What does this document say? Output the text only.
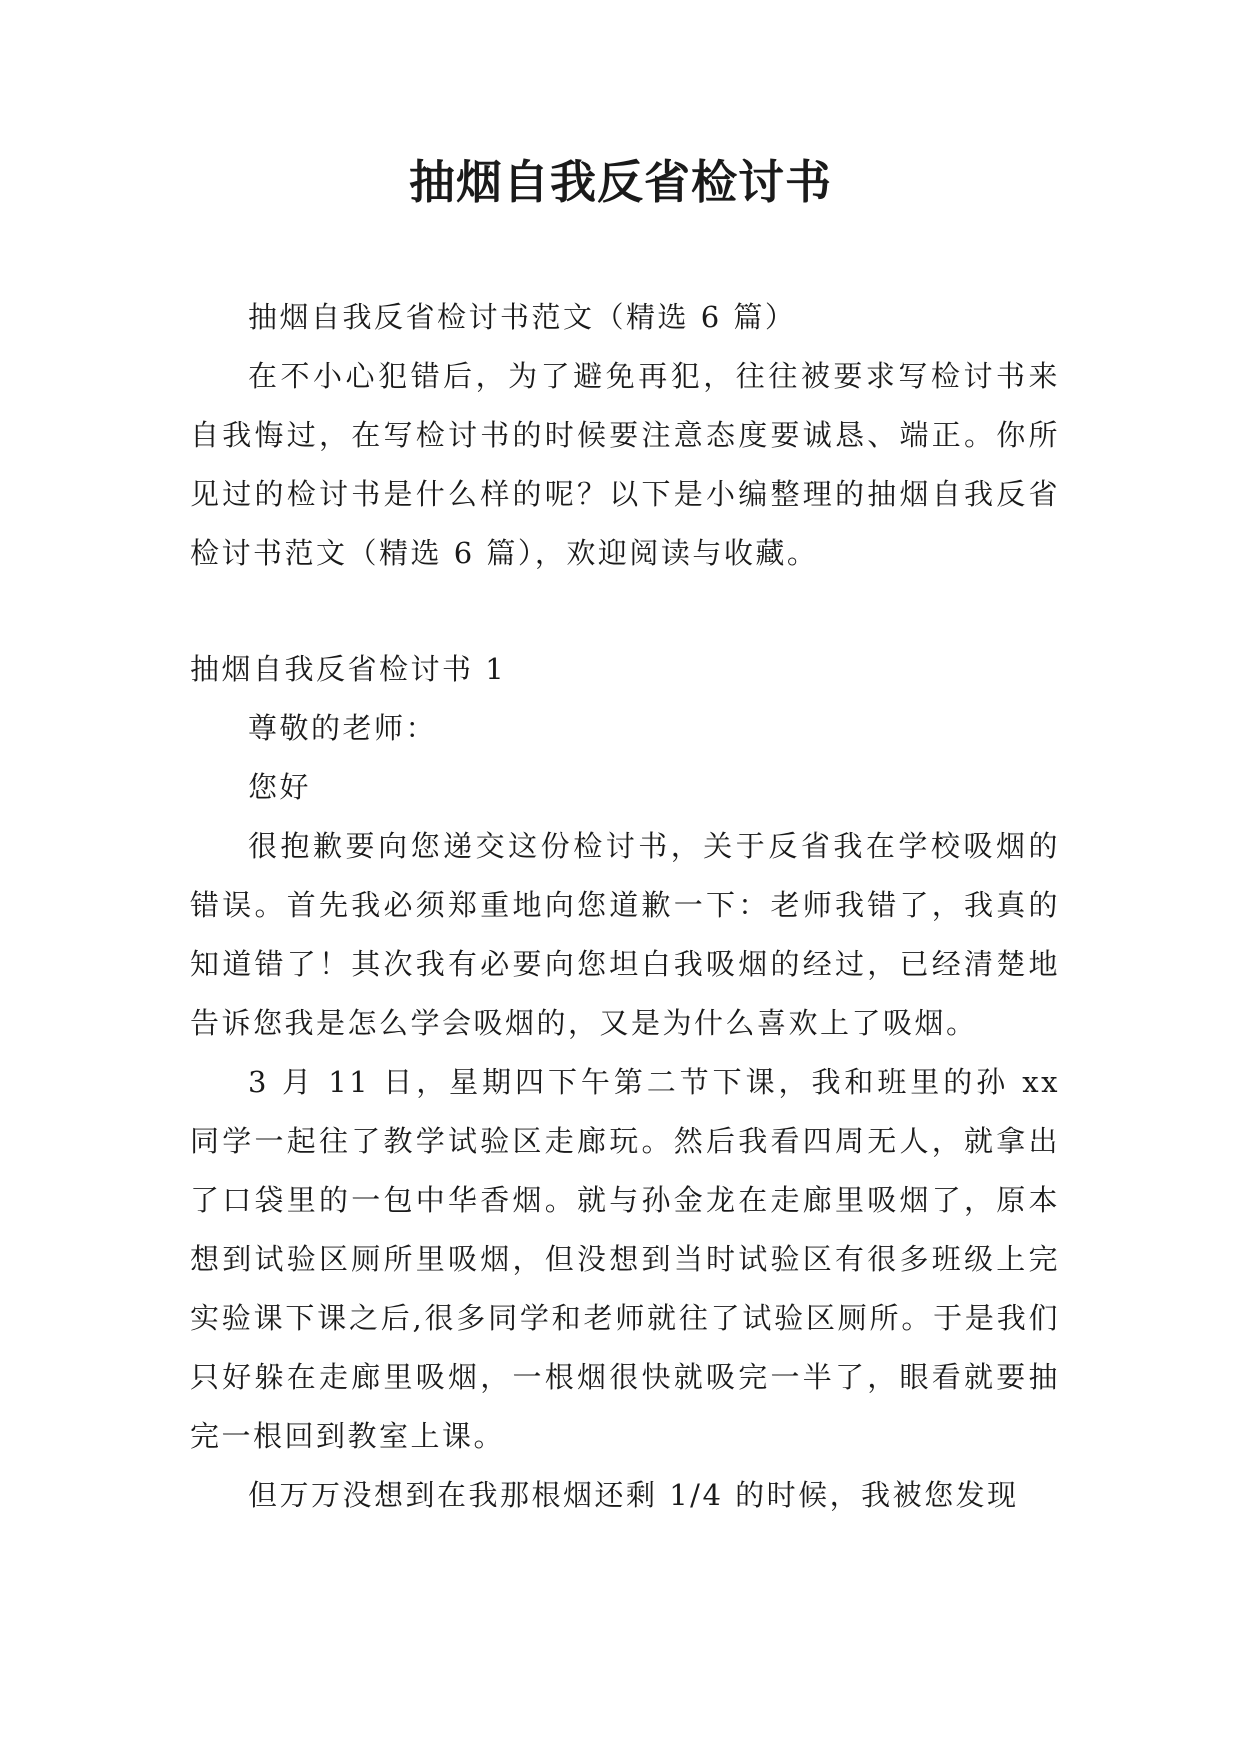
抽烟自我反省检讨书

抽烟自我反省检讨书范文（精选 6 篇）

在不小心犯错后，为了避免再犯，往往被要求写检讨书来自我悔过，在写检讨书的时候要注意态度要诚恳、端正。你所见过的检讨书是什么样的呢？以下是小编整理的抽烟自我反省检讨书范文（精选 6 篇），欢迎阅读与收藏。

抽烟自我反省检讨书 1

尊敬的老师：

您好

很抱歉要向您递交这份检讨书，关于反省我在学校吸烟的错误。首先我必须郑重地向您道歉一下：老师我错了，我真的知道错了！其次我有必要向您坦白我吸烟的经过，已经清楚地告诉您我是怎么学会吸烟的，又是为什么喜欢上了吸烟。

3 月 11 日，星期四下午第二节下课，我和班里的孙 xx 同学一起往了教学试验区走廊玩。然后我看四周无人，就拿出了口袋里的一包中华香烟。就与孙金龙在走廊里吸烟了，原本想到试验区厕所里吸烟，但没想到当时试验区有很多班级上完实验课下课之后,很多同学和老师就往了试验区厕所。于是我们只好躲在走廊里吸烟，一根烟很快就吸完一半了，眼看就要抽完一根回到教室上课。

但万万没想到在我那根烟还剩 1/4 的时候，我被您发现
